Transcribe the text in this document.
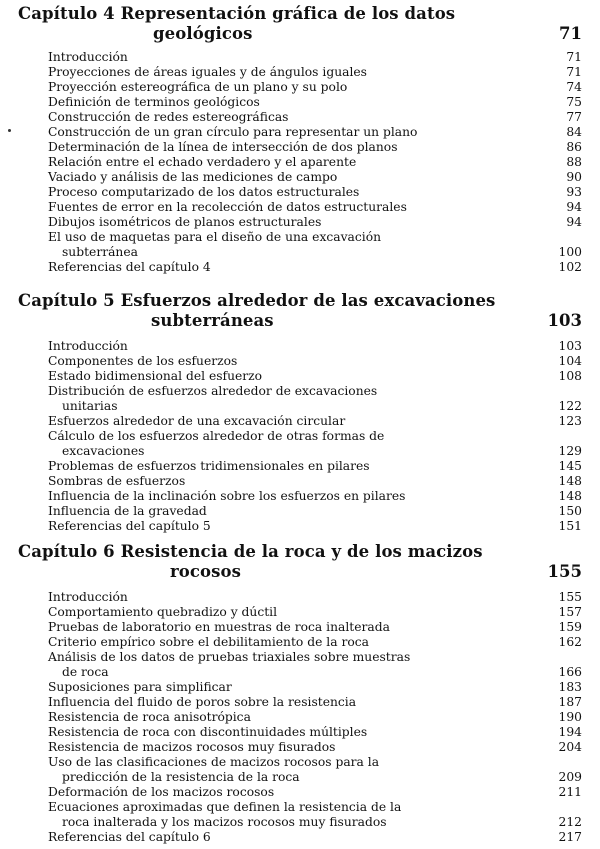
Capítulo 4 Representación gráfica de los datos
geológicos	71
Introducción	71
Proyecciones de áreas iguales y de ángulos iguales	71
Proyección estereográfica de un plano y su polo	74
Definición de terminos geológicos	75
Construcción de redes estereográficas	77
Construcción de un gran círculo para representar un plano	84
Determinación de la línea de intersección de dos planos	86
Relación entre el echado verdadero y el aparente	88
Vaciado y análisis de las mediciones de campo	90
Proceso computarizado de los datos estructurales	93
Fuentes de error en la recolección de datos estructurales	94
Dibujos isométricos de planos estructurales	94
El uso de maquetas para el diseño de una excavación
subterránea	100
Referencias del capítulo 4	102
Capítulo 5 Esfuerzos alrededor de las excavaciones
subterráneas	103
Introducción	103
Componentes de los esfuerzos	104
Estado bidimensional del esfuerzo	108
Distribución de esfuerzos alrededor de excavaciones
unitarias	122
Esfuerzos alrededor de una excavación circular	123
Cálculo de los esfuerzos alrededor de otras formas de
excavaciones	129
Problemas de esfuerzos tridimensionales en pilares	145
Sombras de esfuerzos	148
Influencia de la inclinación sobre los esfuerzos en pilares	148
Influencia de la gravedad	150
Referencias del capítulo 5	151
Capítulo 6 Resistencia de la roca y de los macizos
rocosos	155
Introducción	155
Comportamiento quebradizo y dúctil	157
Pruebas de laboratorio en muestras de roca inalterada	159
Criterio empírico sobre el debilitamiento de la roca	162
Análisis de los datos de pruebas triaxiales sobre muestras
de roca	166
Suposiciones para simplificar	183
Influencia del fluido de poros sobre la resistencia	187
Resistencia de roca anisotrópica	190
Resistencia de roca con discontinuidades múltiples	194
Resistencia de macizos rocosos muy fisurados	204
Uso de las clasificaciones de macizos rocosos para la
predicción de la resistencia de la roca	209
Deformación de los macizos rocosos	211
Ecuaciones aproximadas que definen la resistencia de la
roca inalterada y los macizos rocosos muy fisurados	212
Referencias del capítulo 6	217
